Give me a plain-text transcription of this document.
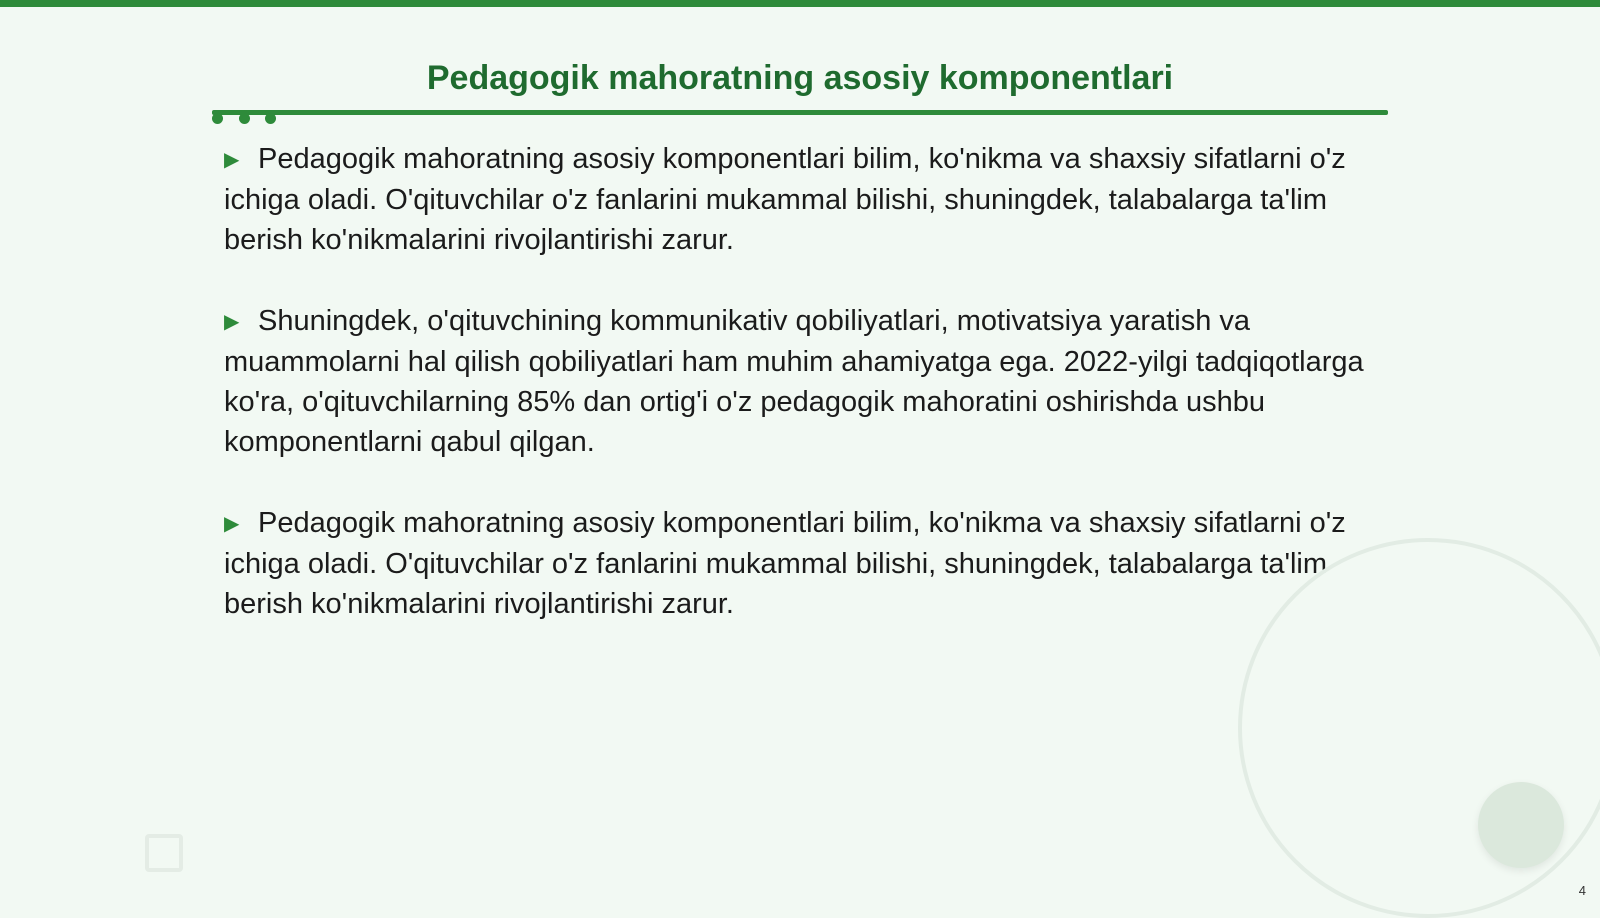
Pedagogik mahoratning asosiy komponentlari

▶ Pedagogik mahoratning asosiy komponentlari bilim, ko'nikma va shaxsiy sifatlarni o'z ichiga oladi. O'qituvchilar o'z fanlarini mukammal bilishi, shuningdek, talabalarga ta'lim berish ko'nikmalarini rivojlantirishi zarur.

▶ Shuningdek, o'qituvchining kommunikativ qobiliyatlari, motivatsiya yaratish va muammolarni hal qilish qobiliyatlari ham muhim ahamiyatga ega. 2022-yilgi tadqiqotlarga ko'ra, o'qituvchilarning 85% dan ortig'i o'z pedagogik mahoratini oshirishda ushbu komponentlarni qabul qilgan.

▶ Pedagogik mahoratning asosiy komponentlari bilim, ko'nikma va shaxsiy sifatlarni o'z ichiga oladi. O'qituvchilar o'z fanlarini mukammal bilishi, shuningdek, talabalarga ta'lim berish ko'nikmalarini rivojlantirishi zarur.

4
